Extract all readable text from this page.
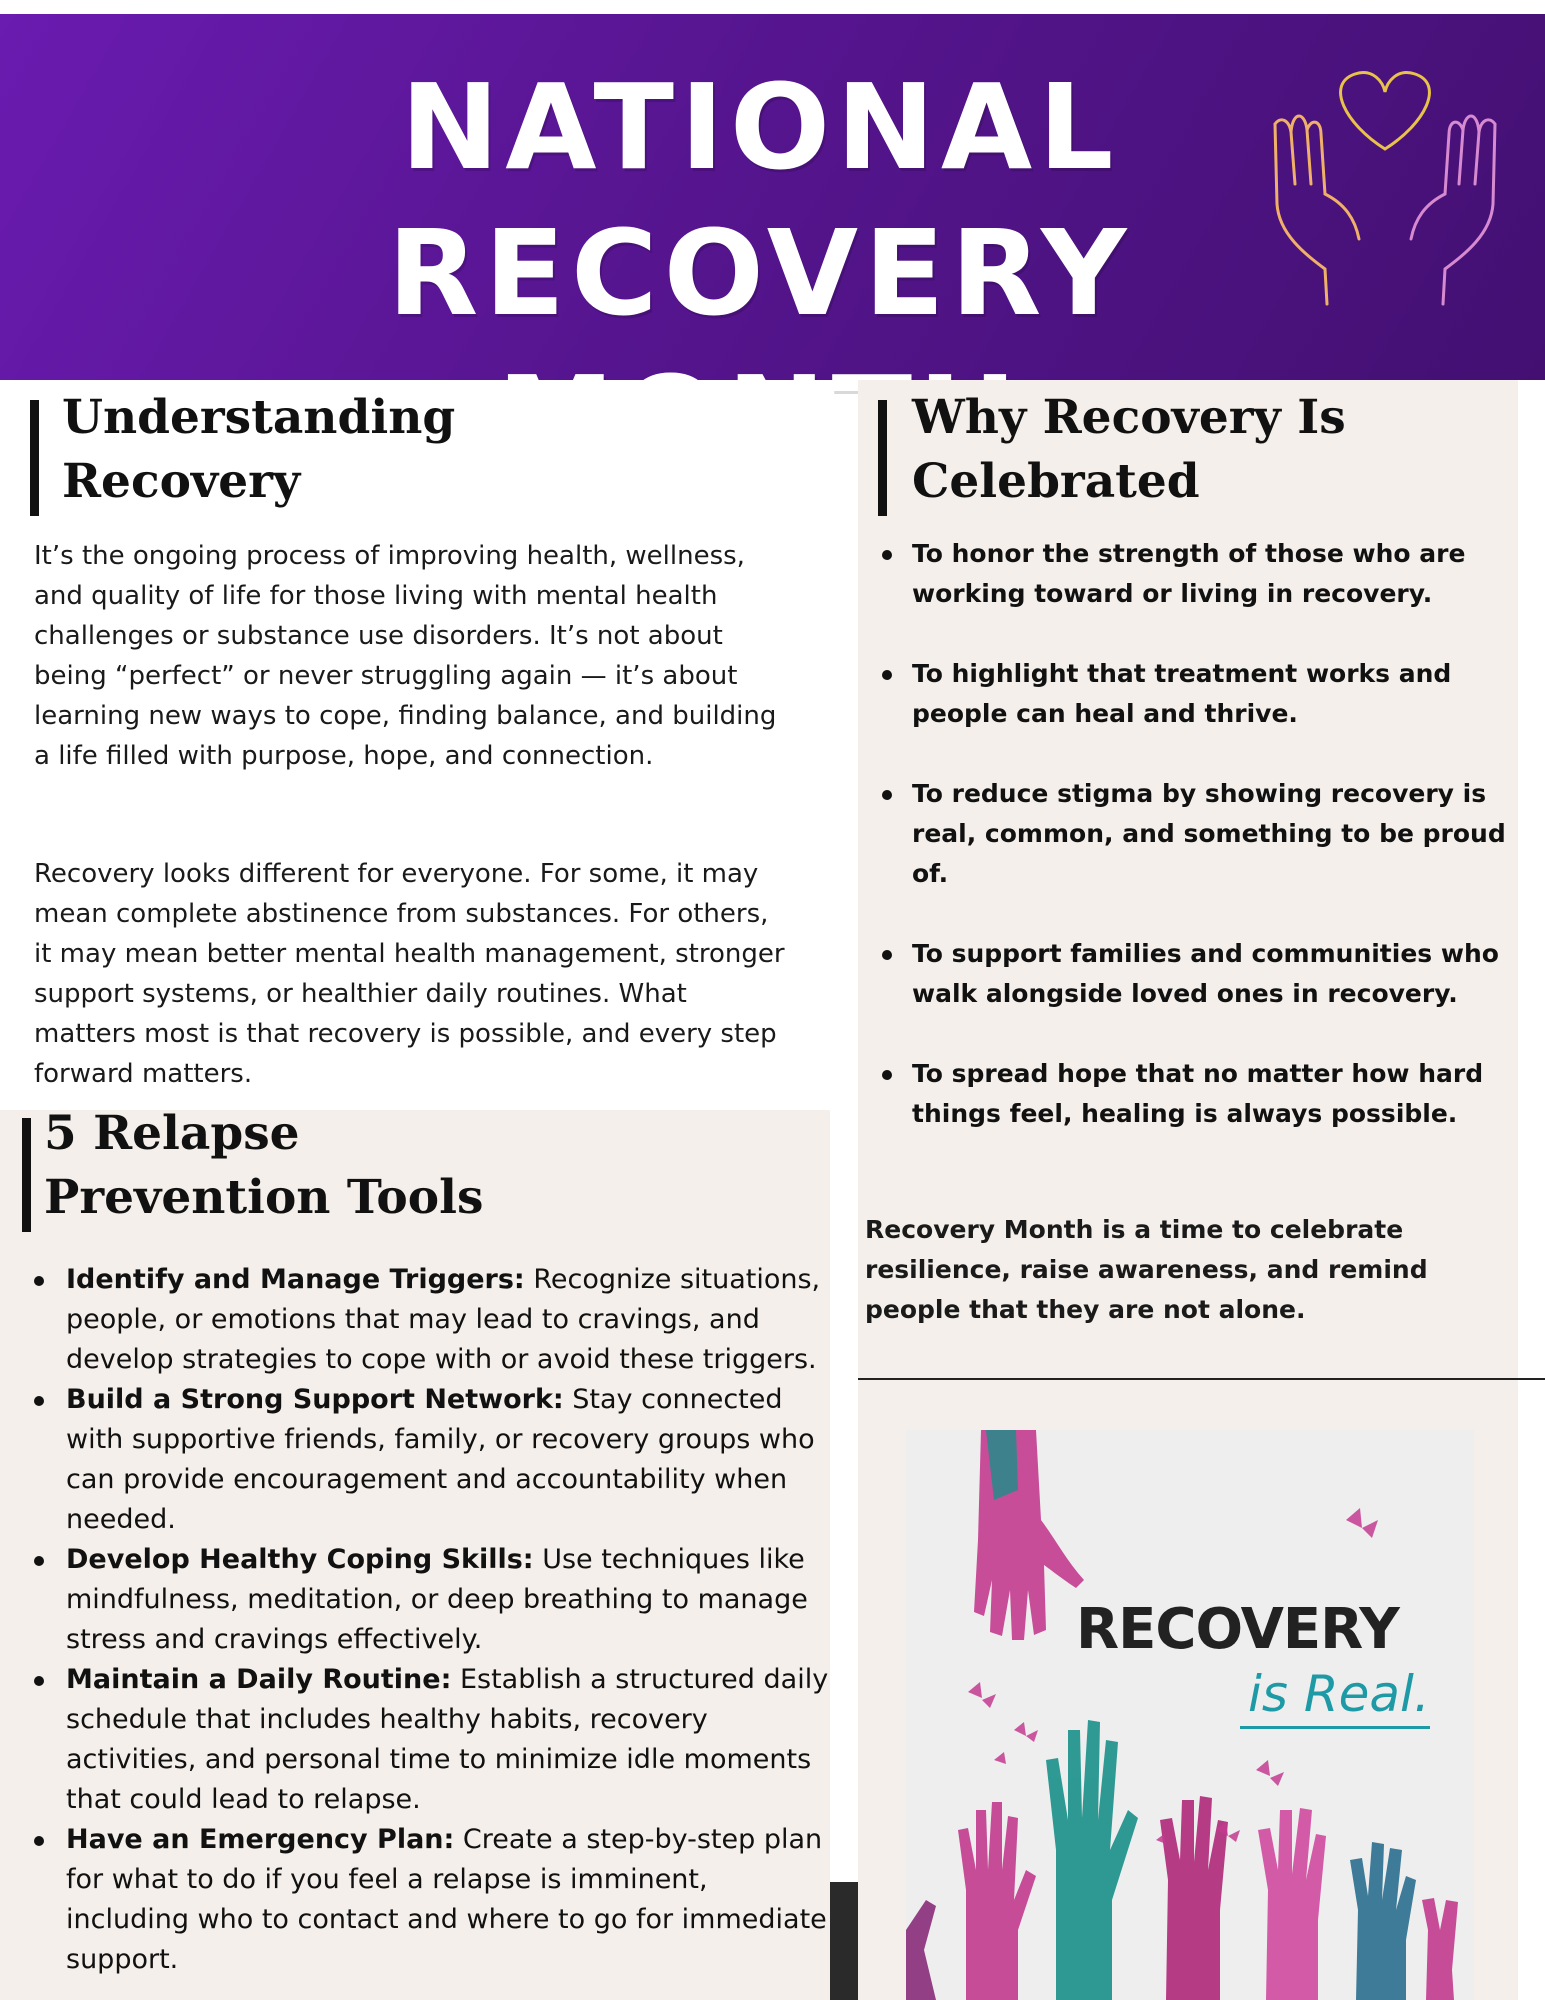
NATIONAL
RECOVERY
Understanding
Recovery

It’s the ongoing process of improving health, wellness, and quality of life for those living with mental health challenges or substance use disorders. It’s not about being “perfect” or never struggling again — it’s about learning new ways to cope, finding balance, and building a life filled with purpose, hope, and connection.

Recovery looks different for everyone. For some, it may mean complete abstinence from substances. For others, it may mean better mental health management, stronger support systems, or healthier daily routines. What matters most is that recovery is possible, and every step forward matters.

5 Relapse
Prevention Tools
Identify and Manage Triggers: Recognize situations, people, or emotions that may lead to cravings, and develop strategies to cope with or avoid these triggers.
Build a Strong Support Network: Stay connected with supportive friends, family, or recovery groups who can provide encouragement and accountability when needed.
Develop Healthy Coping Skills: Use techniques like mindfulness, meditation, or deep breathing to manage stress and cravings effectively.
Maintain a Daily Routine: Establish a structured daily schedule that includes healthy habits, recovery activities, and personal time to minimize idle moments that could lead to relapse.
Have an Emergency Plan: Create a step-by-step plan for what to do if you feel a relapse is imminent, including who to contact and where to go for immediate support.
Why Recovery Is
Celebrated
To honor the strength of those who are working toward or living in recovery.
To highlight that treatment works and people can heal and thrive.
To reduce stigma by showing recovery is real, common, and something to be proud of.
To support families and communities who walk alongside loved ones in recovery.
To spread hope that no matter how hard things feel, healing is always possible.

Recovery Month is a time to celebrate resilience, raise awareness, and remind people that they are not alone.

RECOVERY
is Real.
